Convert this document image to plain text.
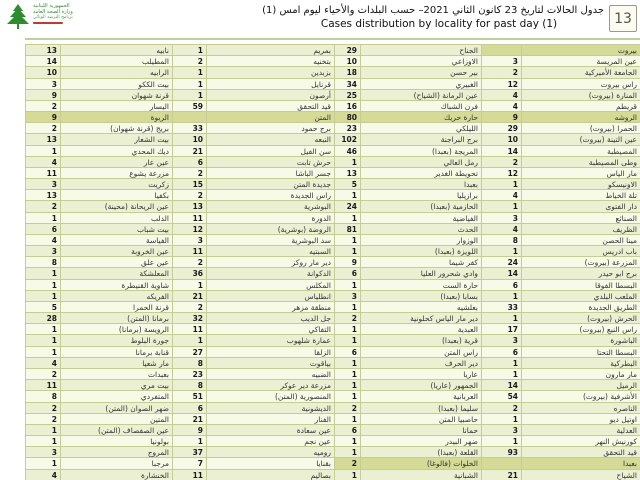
الجمهورية اللبنانية
وزارة الصحة العامة
برنامج الترصد الوبائي
جدول الحالات لتاريخ 23 كانون الثاني 2021– حسب البلدات والأحياء ليوم امس (1)
Cases distribution by locality for past day (1)	13
13	نابيه	1	بمريم	29	الجناح	بيروت
14	المطيلب	2	بتخنيه	10	الاوزاعي	3	عين المريسة
10	الرابيه	1	بزبدين	18	بير حسن	2	الجامعة الأميركية
3	بيت الككو	1	قرنايل	34	الغبيري	12	راس بيروت
9	قرنة شهوان	1	أرصون	25	عين الرمانة (الشياح)	4	المنارة (بيروت)
2	اليسار	59	قيد التحقق	16	فرن الشباك	4	قريطم
9	الربوة	المتن	80	حارة حريك	9	الروشه
2	بريج (قرنة شهوان)	33	برج حمود	23	الليلكي	29	الحمرا (بيروت)
13	بيت الشعار	10	النبعه	102	برج البراجنة	10	عين التينة (بيروت)
1	ديك المحدي	21	سن الفيل	46	المريجة (بعبدا)	14	المصيطبة
4	عين عار	6	حرش تابت	1	رمل العالي	2	وطى المصيطبة
11	مزرعة يشوع	2	جسر الباشا	13	تحويطة الغدير	12	مار الياس
3	زكريت	15	جديدة المتن	5	بعبدا	1	الاونيسكو
13	بكفيا	2	راس الجديدة	1	برازيليا	4	تلة الخياط
2	عين الريحانة (محينة)	13	البوشرية	24	الحازمية (بعبدا)	1	دار الفتوى
1	الدلب	11	الدورة	1	الفياضية	3	الصنائع
6	بيت شباب	12	الروضة (بوشرية)	81	الحدث	4	الظريف
4	الفياسة	3	سد البوشرية	1	الوزوار	8	مينا الحصن
3	عين الخروبة	11	السبتيه	1	اللويزة (بعبدا)	1	باب ادريس
8	عين علق	2	دير مار روكز	9	كفر شيما	24	المزرعة (بيروت)
1	المعلشكة	36	الدكوانة	6	وادي شحرور العليا	14	برج ابو حيدر
1	شاوية القنيطرة	1	المكلس	1	حارة الست	6	البسطا الفوقا
1	الفريكه	21	انطلياس	3	بسابا (بعبدا)	1	الملعب البلدي
5	قرنة الحمرا	2	منطقة مزهر	1	بعلشيه	33	الطريق الجديدة
28	برمانا (المتن)	32	جل الديب	2	دير مار الياس كحلونية	1	الحرش (بيروت)
1	الرويسة (برمانا)	11	التفاكي	1	العبدية	17	راس النبع (بيروت)
1	جورة البلوط	1	عمارة شلهوب	1	قرية (بعبدا)	3	الباشورة
1	قنابة برمانا	27	الزلقا	6	راس المتن	6	البسطا التحتا
4	مار شعيا	8	بياقوت	1	دير الحرف	1	البطركية
2	بعبدات	23	الضبيه	1	عاريا	1	مار مارون
11	بيت مري	8	مزرعة دير عوكر	1	الجمهور (عاريا)	14	الرميل
8	المتفردي	51	المنصورية (المتن)	1	العربانية	54	الأشرفية (بيروت)
2	ضهر الصوان (المتن)	6	الديشونية	2	سليما (بعبدا)	2	الناصره
2	المتين	21	الفنار	1	حاصبيا المتن	1	اوتيل ديو
1	عين الصفصاف (المتن)	9	عين سعادة	6	حمانا	3	العدلية
1	بولونيا	1	عين نجم	1	ضهر البيدر	1	كورنيش النهر
3	المروج	37	روميه	1	القلعة (بعبدا)	93	قيد التحقق
1	مرجبا	7	بقنايا	2	الخلوات (فالوغا)	بعبدا
4	الخنشارة	11	بصاليم	1	الشبانية	21	الشياح
